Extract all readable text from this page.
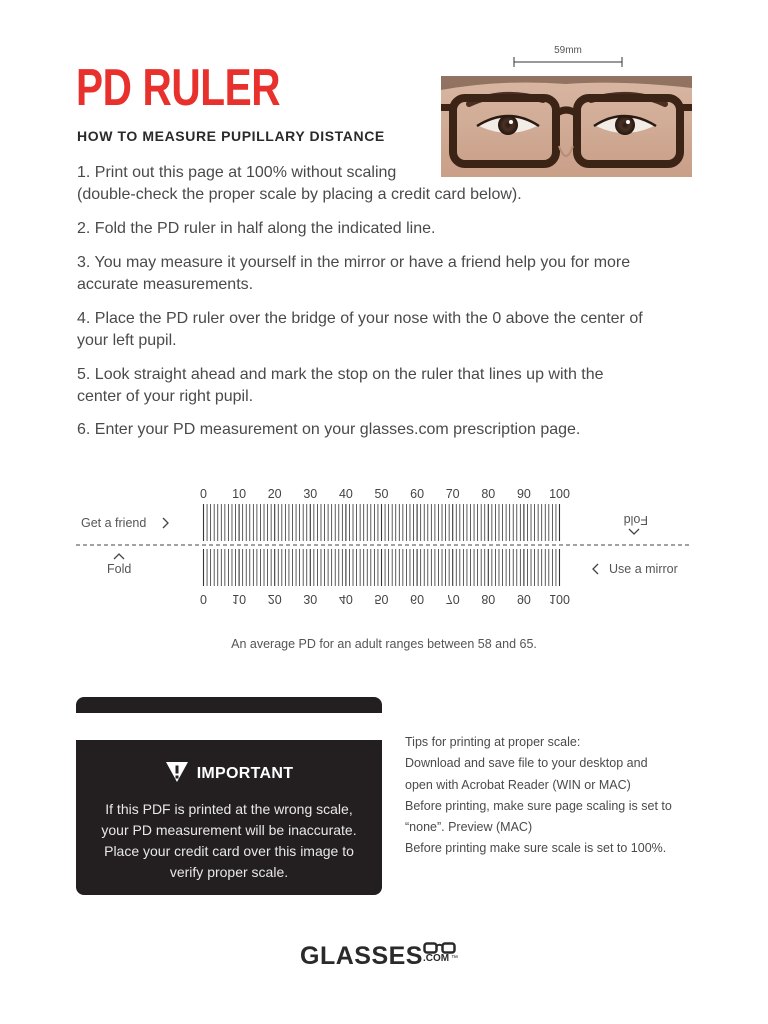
PD RULER
HOW TO MEASURE PUPILLARY DISTANCE
59mm

1. Print out this page at 100% without scaling
(double-check the proper scale by placing a credit card below).

2. Fold the PD ruler in half along the indicated line.

3. You may measure it yourself in the mirror or have a friend help you for more
accurate measurements.

4. Place the PD ruler over the bridge of your nose with the 0 above the center of
your left pupil.

5. Look straight ahead and mark the stop on the ruler that lines up with the
center of your right pupil.

6. Enter your PD measurement on your glasses.com prescription page.

0
0
10
10
20
20
30
30
40
40
50
50
60
60
70
70
80
80
90
90
100
100
Get a friend
Fold
Fold
Use a mirror
An average PD for an adult ranges between 58 and 65.
IMPORTANT
If this PDF is printed at the wrong scale,
your PD measurement will be inaccurate.
Place your credit card over this image to
verify proper scale.
Tips for printing at proper scale:
Download and save file to your desktop and
open with Acrobat Reader (WIN or MAC)
Before printing, make sure page scaling is set to
“none”. Preview (MAC)
Before printing make sure scale is set to 100%.
GLASSES .COM ™
